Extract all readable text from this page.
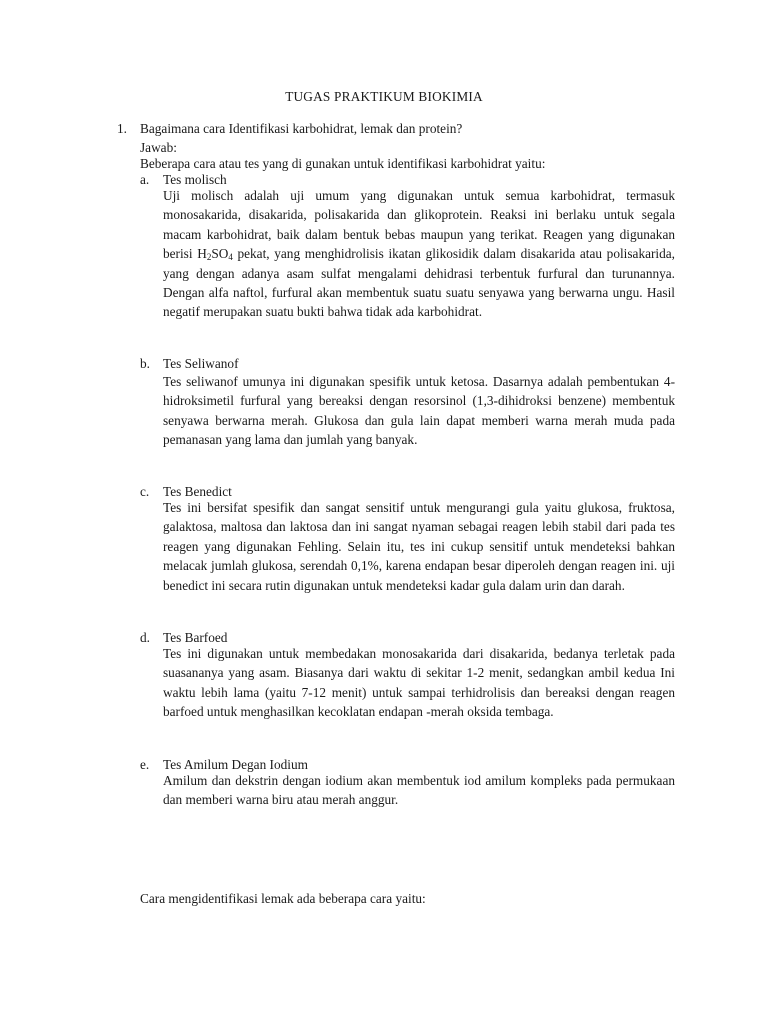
TUGAS PRAKTIKUM BIOKIMIA
1. Bagaimana cara Identifikasi karbohidrat, lemak dan protein?
Jawab:
Beberapa cara atau tes yang di gunakan untuk identifikasi karbohidrat yaitu:
a. Tes molisch
Uji molisch adalah uji umum yang digunakan untuk semua karbohidrat, termasuk monosakarida, disakarida, polisakarida dan glikoprotein. Reaksi ini berlaku untuk segala macam karbohidrat, baik dalam bentuk bebas maupun yang terikat. Reagen yang digunakan berisi $H_2SO_4$ pekat, yang menghidrolisis ikatan glikosidik dalam disakarida atau polisakarida, yang dengan adanya asam sulfat mengalami dehidrasi terbentuk furfural dan turunannya. Dengan alfa naftol, furfural akan membentuk suatu suatu senyawa yang berwarna ungu. Hasil negatif merupakan suatu bukti bahwa tidak ada karbohidrat.
b. Tes Seliwanof
Tes seliwanof umunya ini digunakan spesifik untuk ketosa. Dasarnya adalah pembentukan 4-hidroksimetil furfural yang bereaksi dengan resorsinol (1,3-dihidroksi benzene) membentuk senyawa berwarna merah. Glukosa dan gula lain dapat memberi warna merah muda pada pemanasan yang lama dan jumlah yang banyak.
c. Tes Benedict
Tes ini bersifat spesifik dan sangat sensitif untuk mengurangi gula yaitu glukosa, fruktosa, galaktosa, maltosa dan laktosa dan ini sangat nyaman sebagai reagen lebih stabil dari pada tes reagen yang digunakan Fehling. Selain itu, tes ini cukup sensitif untuk mendeteksi bahkan melacak jumlah glukosa, serendah 0,1%, karena endapan besar diperoleh dengan reagen ini. uji benedict ini secara rutin digunakan untuk mendeteksi kadar gula dalam urin dan darah.
d. Tes Barfoed
Tes ini digunakan untuk membedakan monosakarida dari disakarida, bedanya terletak pada suasananya yang asam. Biasanya dari waktu di sekitar 1-2 menit, sedangkan ambil kedua Ini waktu lebih lama (yaitu 7-12 menit) untuk sampai terhidrolisis dan bereaksi dengan reagen barfoed untuk menghasilkan kecoklatan endapan -merah oksida tembaga.
e. Tes Amilum Degan Iodium
Amilum dan dekstrin dengan iodium akan membentuk iod amilum kompleks pada permukaan dan memberi warna biru atau merah anggur.
Cara mengidentifikasi lemak ada beberapa cara yaitu:
